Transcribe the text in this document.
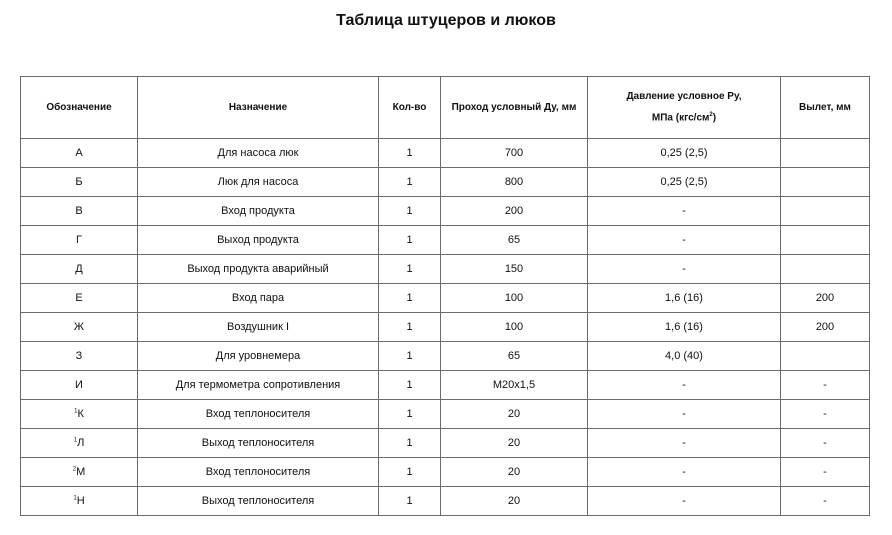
Таблица штуцеров и люков
Обозначение	Назначение	Кол-во	Проход условный Ду, мм	Давление условное Ру,
МПа $(кгс/см^2)$	Вылет, мм
А	Для насоса люк	1	700	0,25 (2,5)	
Б	Люк для насоса	1	800	0,25 (2,5)	
В	Вход продукта	1	200	-	
Г	Выход продукта	1	65	-	
Д	Выход продукта аварийный	1	150	-	
Е	Вход пара	1	100	1,6 (16)	200
Ж	Воздушник I	1	100	1,6 (16)	200
З	Для уровнемера	1	65	4,0 (40)	
И	Для термометра сопротивления	1	М20х1,5	-	-
$^1$К	Вход теплоносителя	1	20	-	-
$^1$Л	Выход теплоносителя	1	20	-	-
$^2$М	Вход теплоносителя	1	20	-	-
$^1$Н	Выход теплоносителя	1	20	-	-
